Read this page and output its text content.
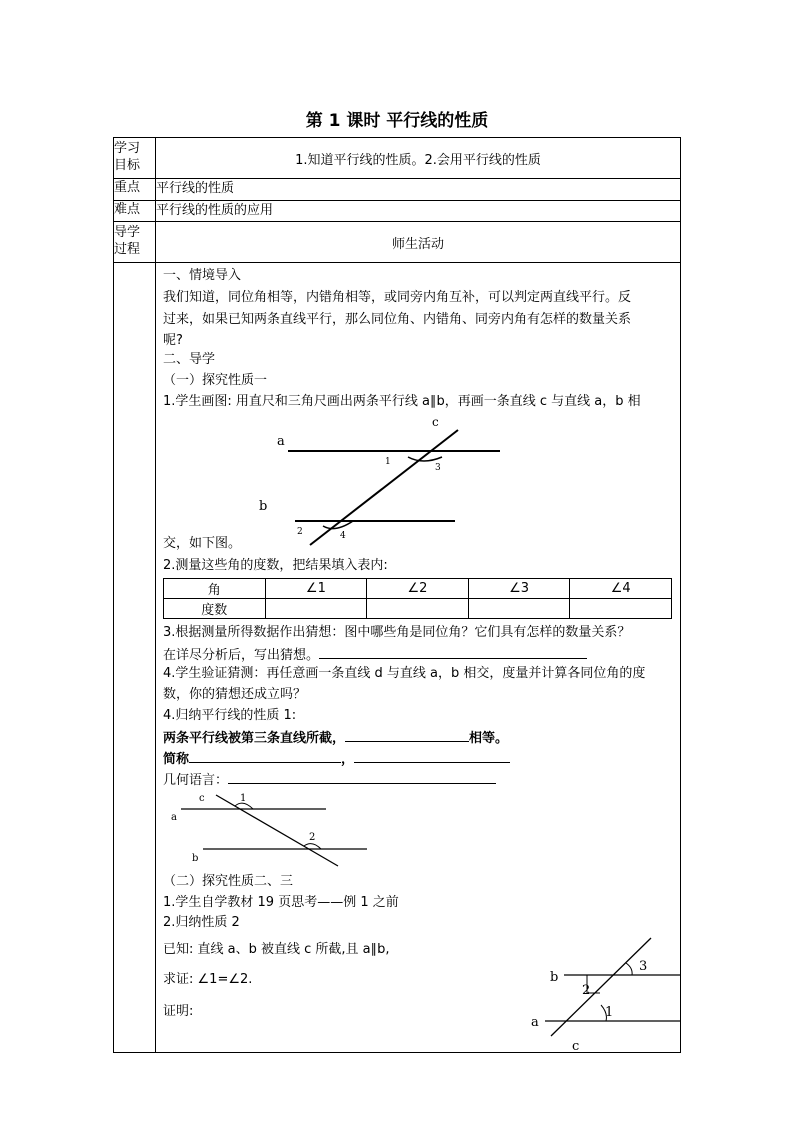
第 1 课时 平行线的性质
学习
目标	1.知道平行线的性质。2.会用平行线的性质
重点	平行线的性质
难点	平行线的性质的应用

导学
过程	师生活动

一、情境导入
我们知道，同位角相等，内错角相等，或同旁内角互补，可以判定两直线平行。反
过来，如果已知两条直线平行，那么同位角、内错角、同旁内角有怎样的数量关系
呢?
二、导学
（一）探究性质一
1.学生画图: 用直尺和三角尺画出两条平行线 a∥b，再画一条直线 c 与直线 a，b 相
a
b
c
1
3
2	4
交，如下图。
2.测量这些角的度数，把结果填入表内:
角	∠1	∠2	∠3	∠4
度数				
3.根据测量所得数据作出猜想：图中哪些角是同位角？它们具有怎样的数量关系？
在详尽分析后，写出猜想。
4.学生验证猜测：再任意画一条直线 d 与直线 a，b 相交，度量并计算各同位角的度
数，你的猜想还成立吗？
4.归纳平行线的性质 1:
两条平行线被第三条直线所截，	相等。
简称	，
几何语言：
c
a
b
1
2
（二）探究性质二、三
1.学生自学教材 19 页思考——例 1 之前
2.归纳性质 2
已知: 直线 a、b 被直线 c 所截,且 a∥b,
求证: ∠1=∠2.
证明:
b
a
c
1
2
3
